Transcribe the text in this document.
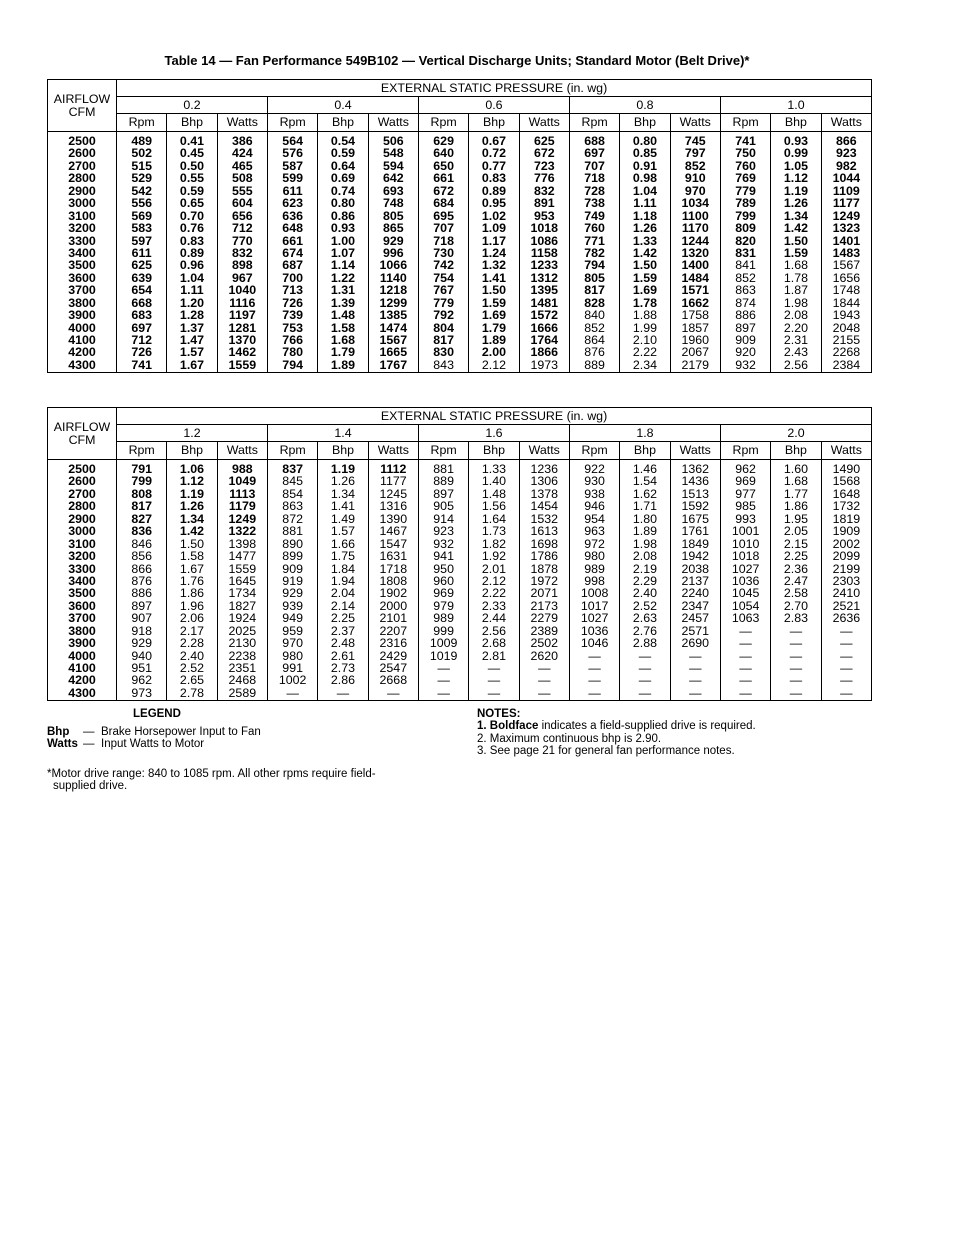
Table 14 — Fan Performance 549B102 — Vertical Discharge Units; Standard Motor (Belt Drive)*
AIRFLOW
CFM	EXTERNAL STATIC PRESSURE (in. wg)														
	0.2			0.4			0.6			0.8			1.0		
	Rpm	Bhp	Watts	Rpm	Bhp	Watts	Rpm	Bhp	Watts	Rpm	Bhp	Watts	Rpm	Bhp	Watts
2500	489	0.41	386	564	0.54	506	629	0.67	625	688	0.80	745	741	0.93	866
2600	502	0.45	424	576	0.59	548	640	0.72	672	697	0.85	797	750	0.99	923
2700	515	0.50	465	587	0.64	594	650	0.77	723	707	0.91	852	760	1.05	982
2800	529	0.55	508	599	0.69	642	661	0.83	776	718	0.98	910	769	1.12	1044
2900	542	0.59	555	611	0.74	693	672	0.89	832	728	1.04	970	779	1.19	1109
3000	556	0.65	604	623	0.80	748	684	0.95	891	738	1.11	1034	789	1.26	1177
3100	569	0.70	656	636	0.86	805	695	1.02	953	749	1.18	1100	799	1.34	1249
3200	583	0.76	712	648	0.93	865	707	1.09	1018	760	1.26	1170	809	1.42	1323
3300	597	0.83	770	661	1.00	929	718	1.17	1086	771	1.33	1244	820	1.50	1401
3400	611	0.89	832	674	1.07	996	730	1.24	1158	782	1.42	1320	831	1.59	1483
3500	625	0.96	898	687	1.14	1066	742	1.32	1233	794	1.50	1400	841	1.68	1567
3600	639	1.04	967	700	1.22	1140	754	1.41	1312	805	1.59	1484	852	1.78	1656
3700	654	1.11	1040	713	1.31	1218	767	1.50	1395	817	1.69	1571	863	1.87	1748
3800	668	1.20	1116	726	1.39	1299	779	1.59	1481	828	1.78	1662	874	1.98	1844
3900	683	1.28	1197	739	1.48	1385	792	1.69	1572	840	1.88	1758	886	2.08	1943
4000	697	1.37	1281	753	1.58	1474	804	1.79	1666	852	1.99	1857	897	2.20	2048
4100	712	1.47	1370	766	1.68	1567	817	1.89	1764	864	2.10	1960	909	2.31	2155
4200	726	1.57	1462	780	1.79	1665	830	2.00	1866	876	2.22	2067	920	2.43	2268
4300	741	1.67	1559	794	1.89	1767	843	2.12	1973	889	2.34	2179	932	2.56	2384
AIRFLOW
CFM	EXTERNAL STATIC PRESSURE (in. wg)														
	1.2			1.4			1.6			1.8			2.0		
	Rpm	Bhp	Watts	Rpm	Bhp	Watts	Rpm	Bhp	Watts	Rpm	Bhp	Watts	Rpm	Bhp	Watts
2500	791	1.06	988	837	1.19	1112	881	1.33	1236	922	1.46	1362	962	1.60	1490
2600	799	1.12	1049	845	1.26	1177	889	1.40	1306	930	1.54	1436	969	1.68	1568
2700	808	1.19	1113	854	1.34	1245	897	1.48	1378	938	1.62	1513	977	1.77	1648
2800	817	1.26	1179	863	1.41	1316	905	1.56	1454	946	1.71	1592	985	1.86	1732
2900	827	1.34	1249	872	1.49	1390	914	1.64	1532	954	1.80	1675	993	1.95	1819
3000	836	1.42	1322	881	1.57	1467	923	1.73	1613	963	1.89	1761	1001	2.05	1909
3100	846	1.50	1398	890	1.66	1547	932	1.82	1698	972	1.98	1849	1010	2.15	2002
3200	856	1.58	1477	899	1.75	1631	941	1.92	1786	980	2.08	1942	1018	2.25	2099
3300	866	1.67	1559	909	1.84	1718	950	2.01	1878	989	2.19	2038	1027	2.36	2199
3400	876	1.76	1645	919	1.94	1808	960	2.12	1972	998	2.29	2137	1036	2.47	2303
3500	886	1.86	1734	929	2.04	1902	969	2.22	2071	1008	2.40	2240	1045	2.58	2410
3600	897	1.96	1827	939	2.14	2000	979	2.33	2173	1017	2.52	2347	1054	2.70	2521
3700	907	2.06	1924	949	2.25	2101	989	2.44	2279	1027	2.63	2457	1063	2.83	2636
3800	918	2.17	2025	959	2.37	2207	999	2.56	2389	1036	2.76	2571	—	—	—
3900	929	2.28	2130	970	2.48	2316	1009	2.68	2502	1046	2.88	2690	—	—	—
4000	940	2.40	2238	980	2.61	2429	1019	2.81	2620	—	—	—	—	—	—
4100	951	2.52	2351	991	2.73	2547	—	—	—	—	—	—	—	—	—
4200	962	2.65	2468	1002	2.86	2668	—	—	—	—	—	—	—	—	—
4300	973	2.78	2589	—	—	—	—	—	—	—	—	—	—	—	—
LEGEND
Bhp — Brake Horsepower Input to Fan
Watts — Input Watts to Motor
*Motor drive range: 840 to 1085 rpm. All other rpms require field-
supplied drive.
NOTES:
1. Boldface indicates a field-supplied drive is required.
2. Maximum continuous bhp is 2.90.
3. See page 21 for general fan performance notes.
